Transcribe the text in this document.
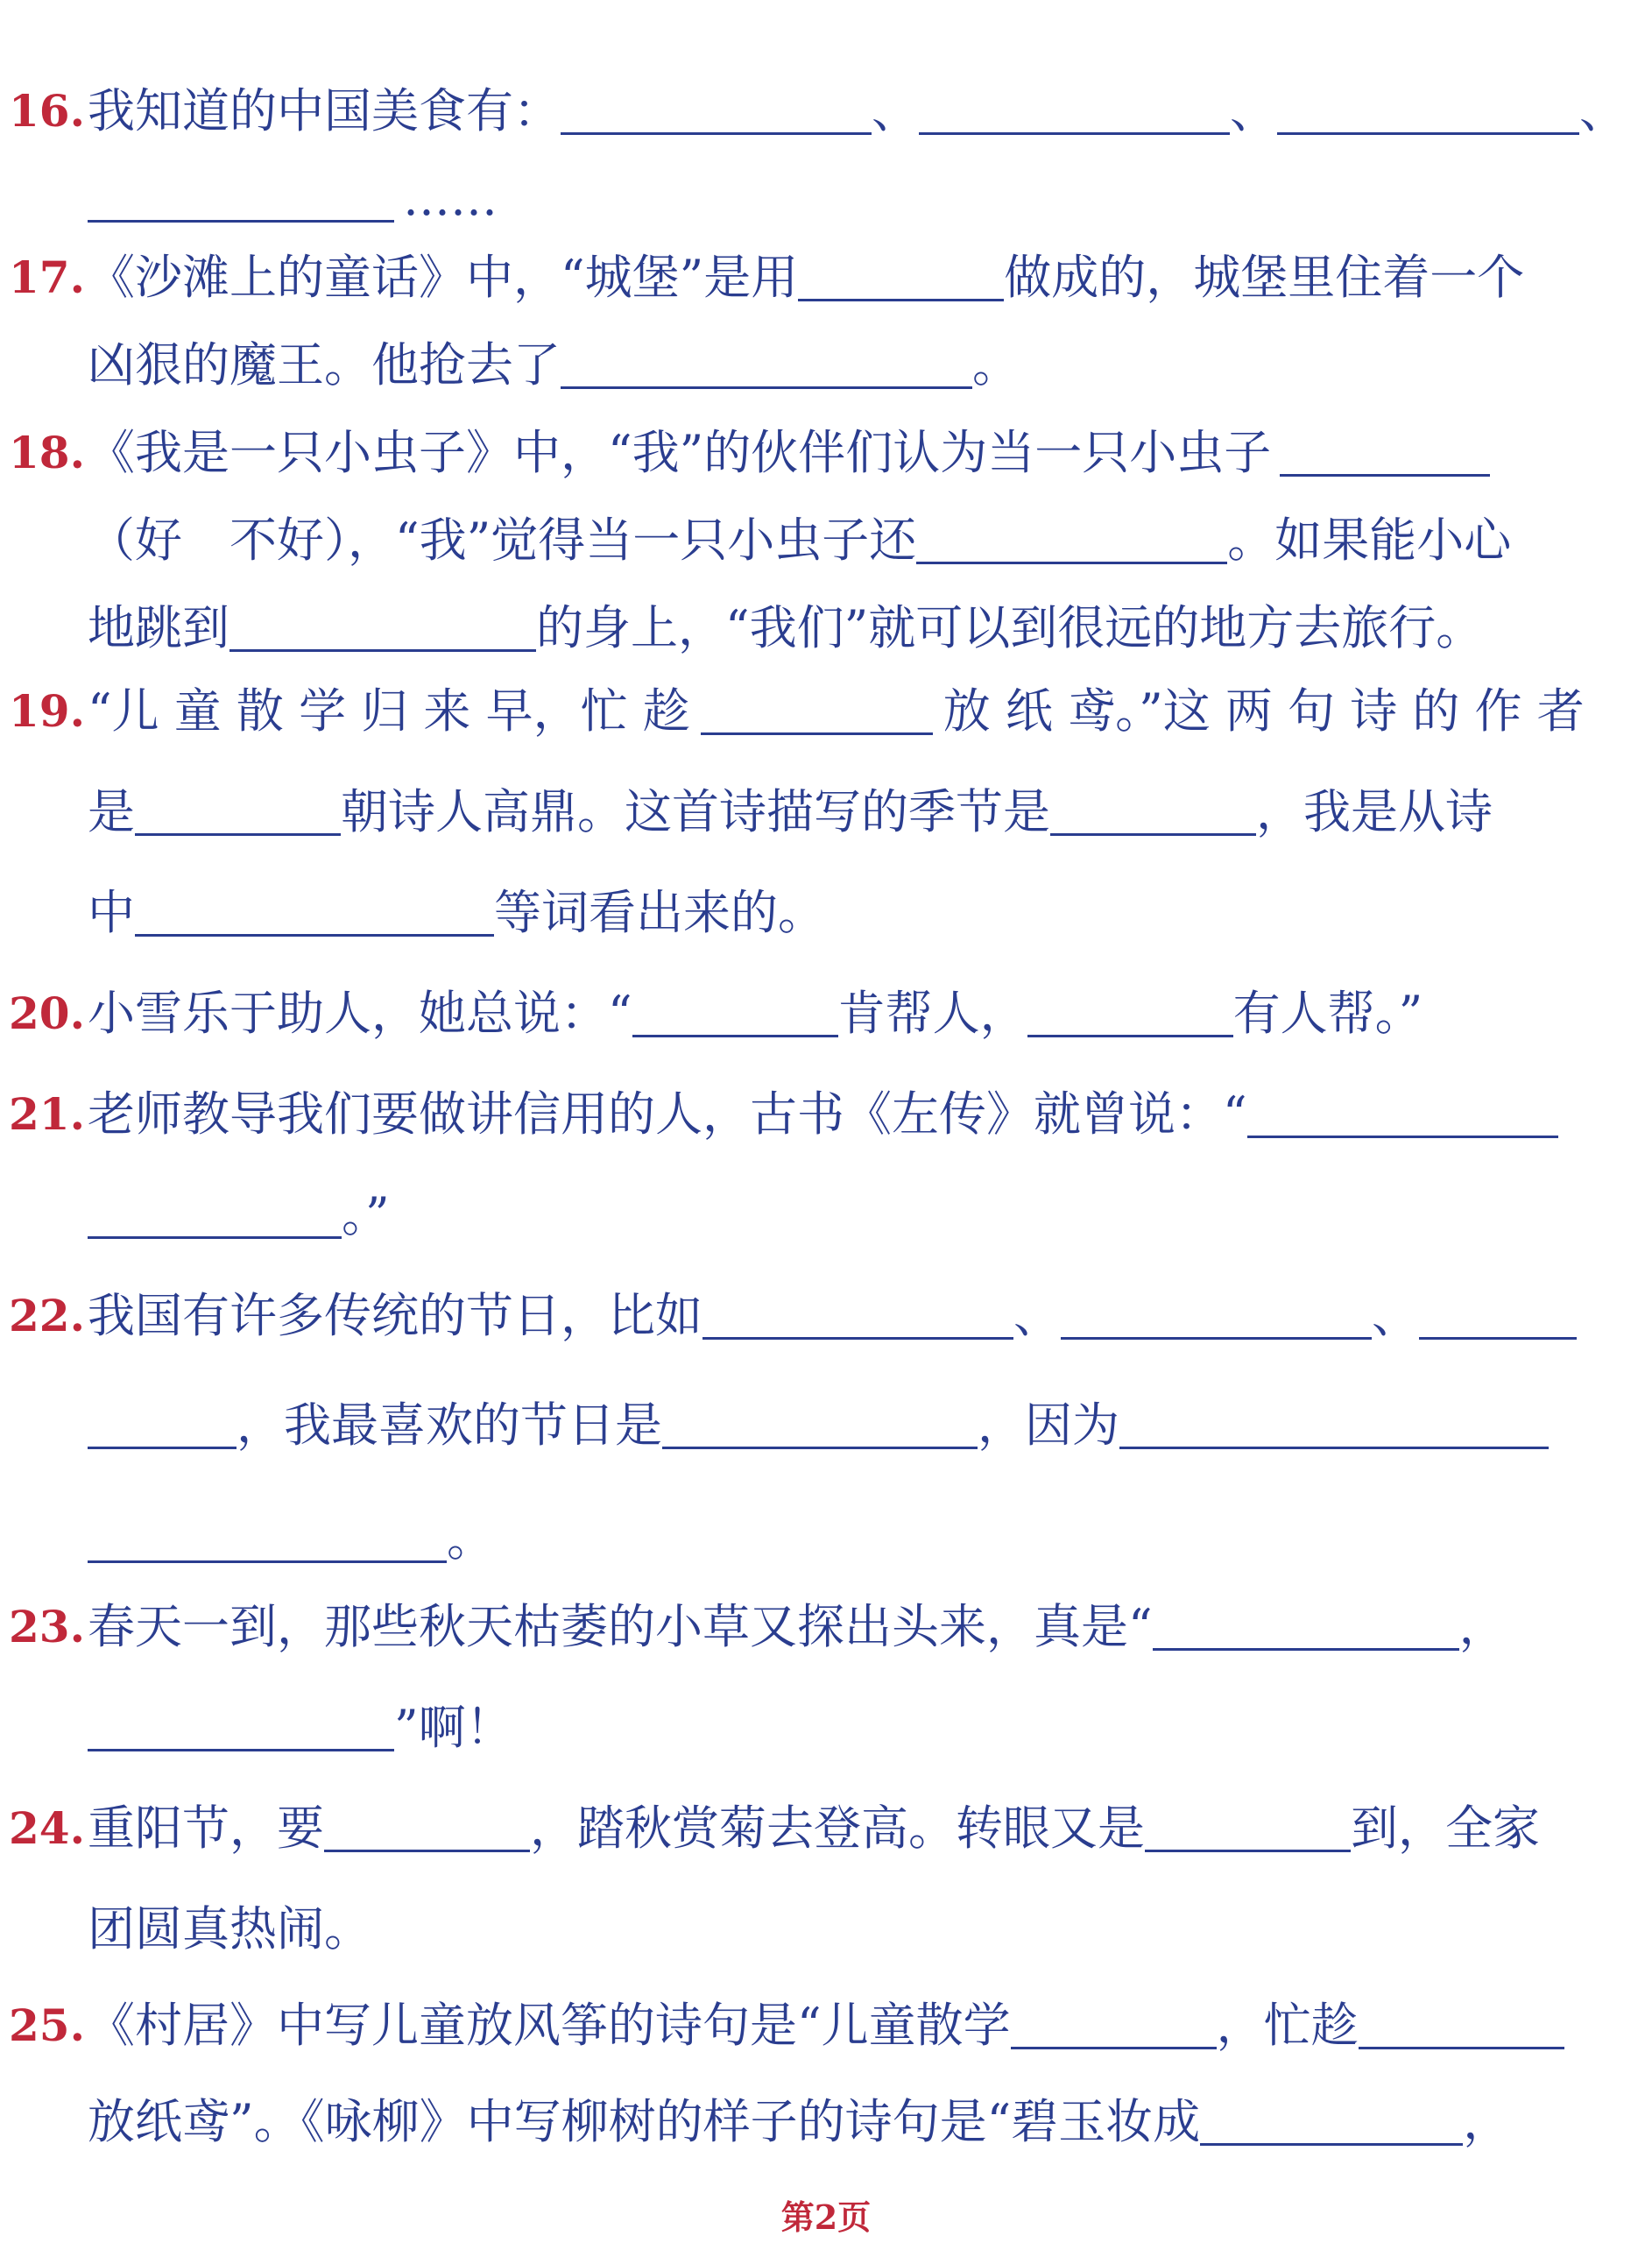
16. 我知道的中国美食有：	、	、	、
……
17. 《沙滩上的童话》中，“城堡”是用	做成的，城堡里住着一个
凶狠的魔王。他抢去了	。
18. 《我是一只小虫子》中，“我”的伙伴们认为当一只小虫子
（好　不好），“我”觉得当一只小虫子还	。如果能小心
地跳到	的身上，“我们”就可以到很远的地方去旅行。
19. “儿 童 散 学 归 来 早，忙 趁	放 纸 鸢。”这 两 句 诗 的 作 者
是	朝诗人高鼎。这首诗描写的季节是	，我是从诗
中	等词看出来的。
20. 小雪乐于助人，她总说：“	肯帮人，	有人帮。”
21. 老师教导我们要做讲信用的人，古书《左传》就曾说：“
。”
22. 我国有许多传统的节日，比如	、	、
，我最喜欢的节日是	，因为
。
23. 春天一到，那些秋天枯萎的小草又探出头来，真是“	，
”啊！
24. 重阳节，要	，踏秋赏菊去登高。转眼又是	到，全家
团圆真热闹。
25. 《村居》中写儿童放风筝的诗句是“儿童散学	，忙趁
放纸鸢”。《咏柳》中写柳树的样子的诗句是“碧玉妆成	，
第2页
